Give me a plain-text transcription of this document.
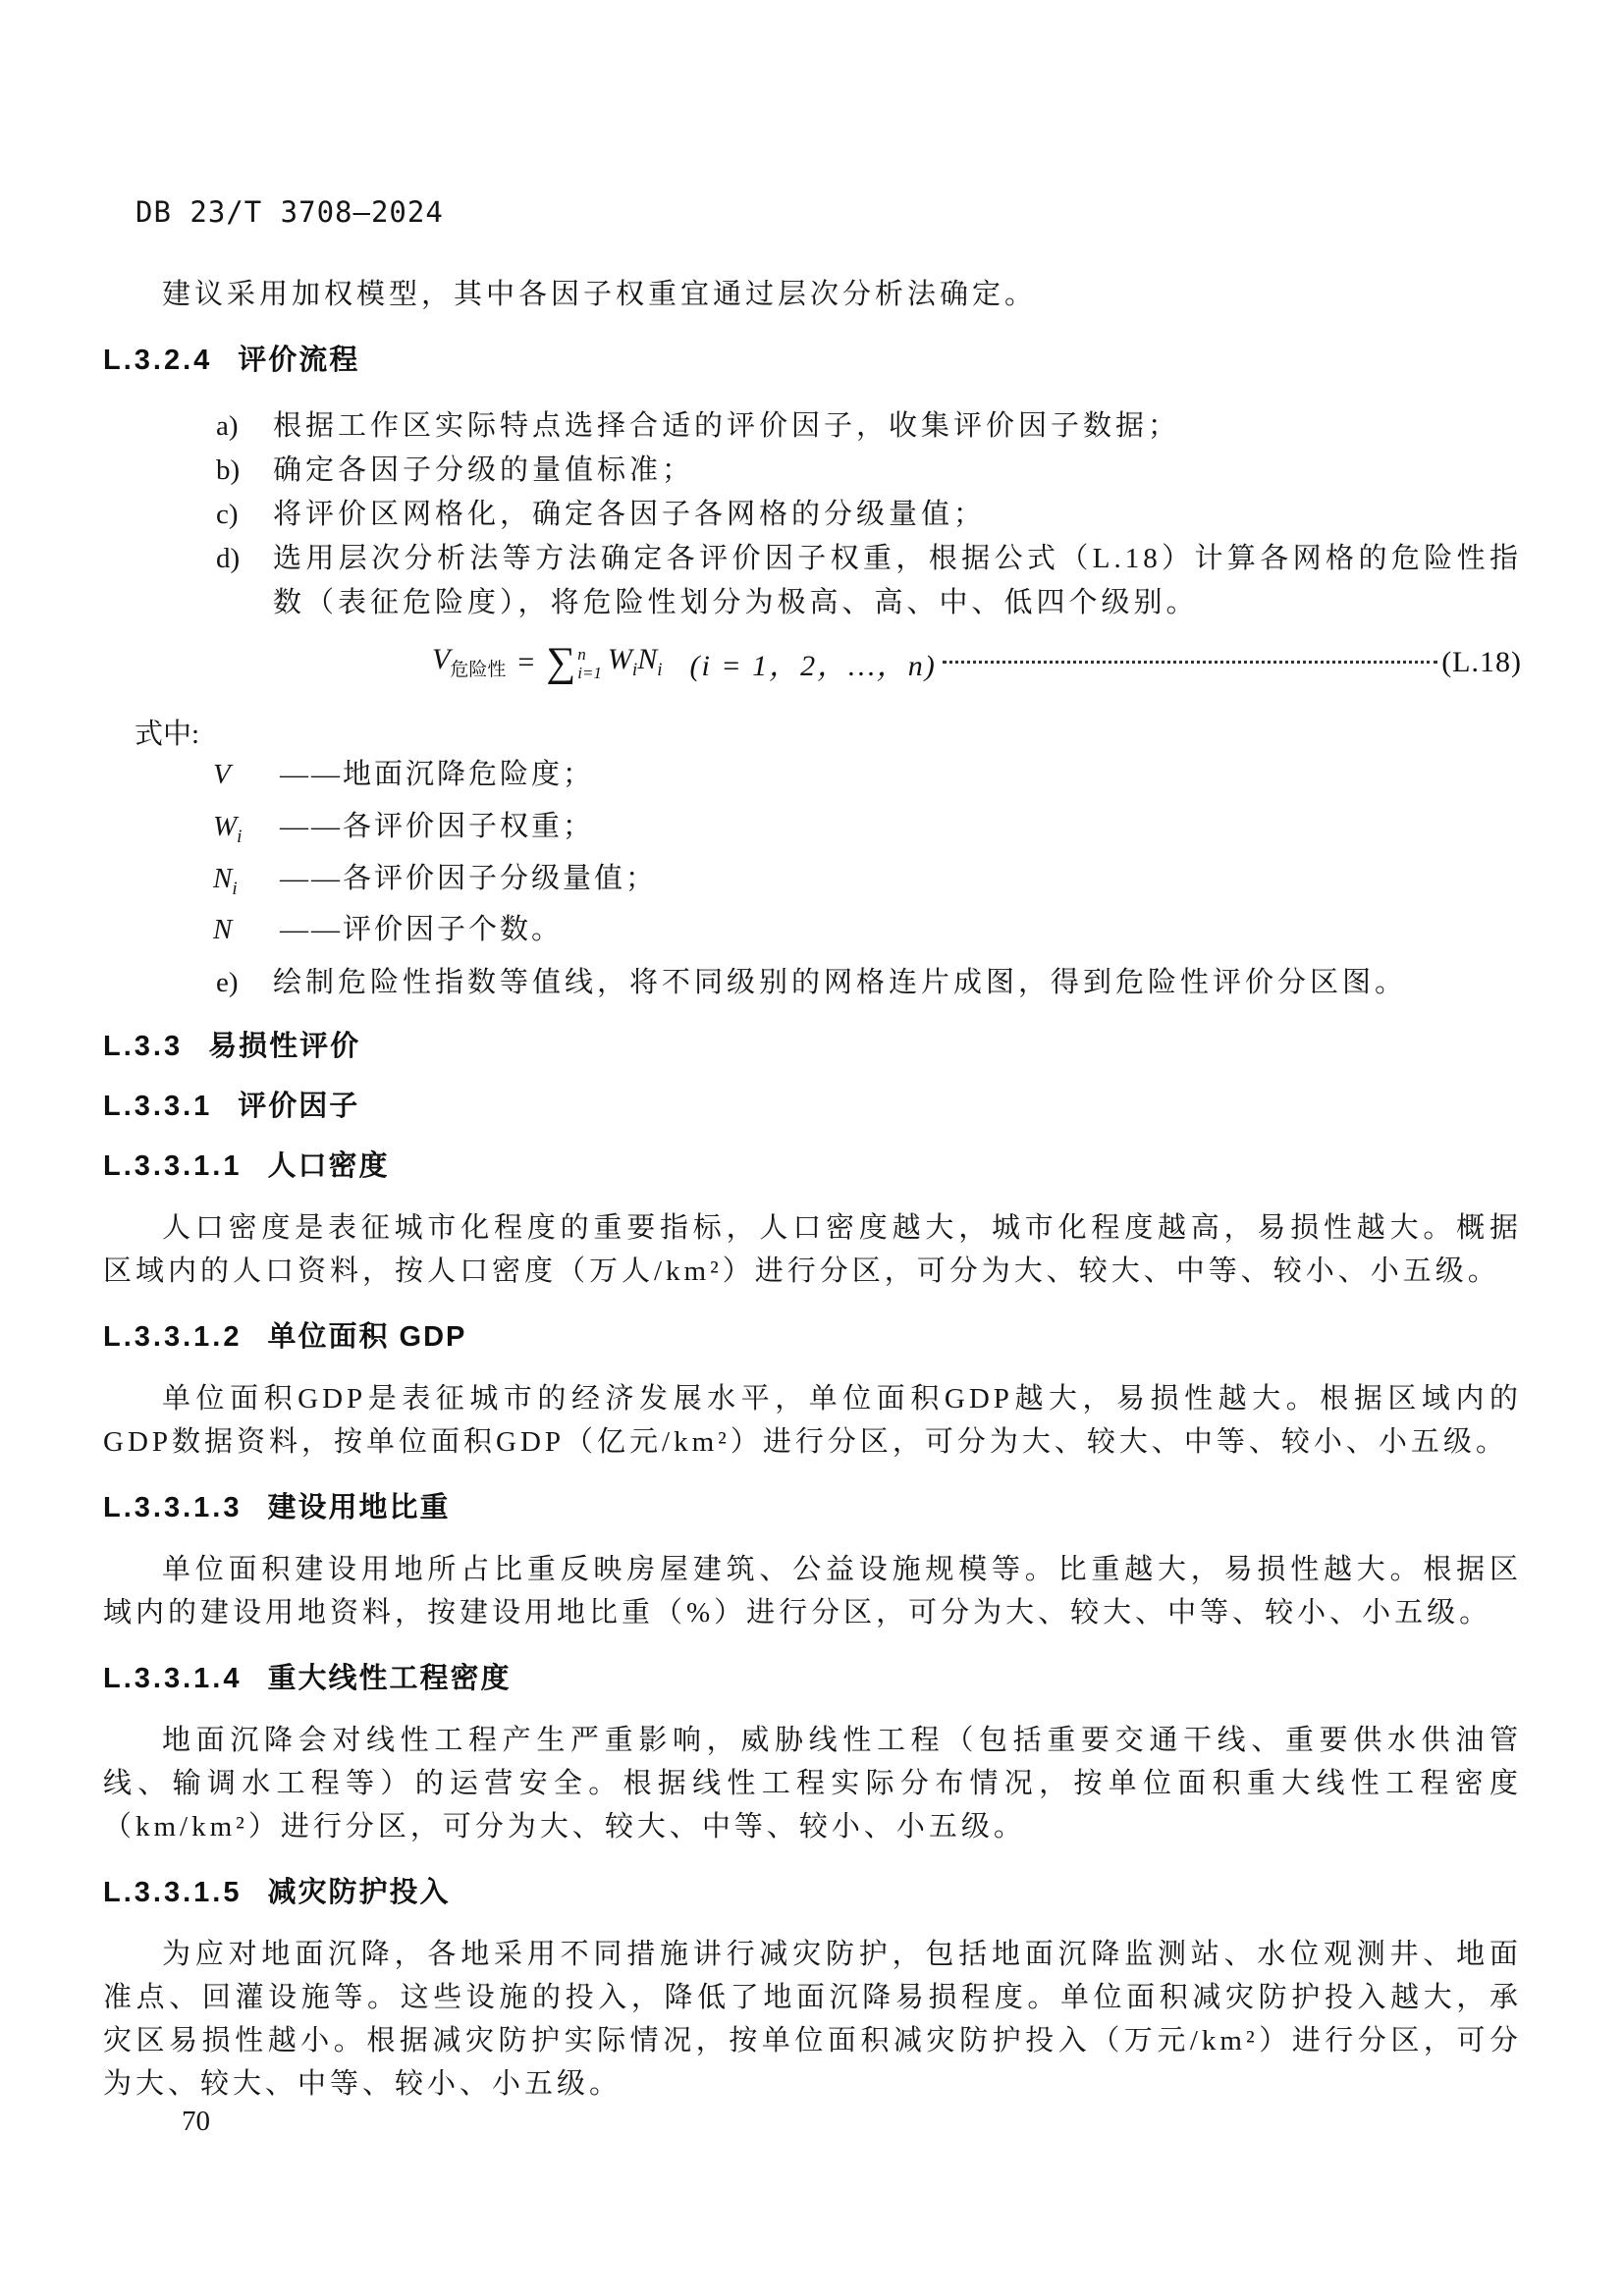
DB 23/T 3708—2024

建议采用加权模型，其中各因子权重宜通过层次分析法确定。

L.3.2.4 评价流程
a) 根据工作区实际特点选择合适的评价因子，收集评价因子数据；
b) 确定各因子分级的量值标准；
c) 将评价区网格化，确定各因子各网格的分级量值；
d) 选用层次分析法等方法确定各评价因子权重，根据公式（L.18）计算各网格的危险性指数（表征危险度），将危险性划分为极高、高、中、低四个级别。
$V_{危险性}$ = ∑ n
i=1 $W_i$ $N_i$ (i = 1，2，…，n)	(L.18)
式中:
V	——地面沉降危险度；
$W_i$	——各评价因子权重；
$N_i$	——各评价因子分级量值；
N	——评价因子个数。
e) 绘制危险性指数等值线，将不同级别的网格连片成图，得到危险性评价分区图。
L.3.3 易损性评价
L.3.3.1 评价因子
L.3.3.1.1 人口密度

人口密度是表征城市化程度的重要指标，人口密度越大，城市化程度越高，易损性越大。概据区域内的人口资料，按人口密度（万人/km²）进行分区，可分为大、较大、中等、较小、小五级。

L.3.3.1.2 单位面积 GDP

单位面积GDP是表征城市的经济发展水平，单位面积GDP越大，易损性越大。根据区域内的GDP数据资料，按单位面积GDP（亿元/km²）进行分区，可分为大、较大、中等、较小、小五级。

L.3.3.1.3 建设用地比重

单位面积建设用地所占比重反映房屋建筑、公益设施规模等。比重越大，易损性越大。根据区域内的建设用地资料，按建设用地比重（%）进行分区，可分为大、较大、中等、较小、小五级。

L.3.3.1.4 重大线性工程密度

地面沉降会对线性工程产生严重影响，威胁线性工程（包括重要交通干线、重要供水供油管线、输调水工程等）的运营安全。根据线性工程实际分布情况，按单位面积重大线性工程密度（km/km²）进行分区，可分为大、较大、中等、较小、小五级。

L.3.3.1.5 减灾防护投入

为应对地面沉降，各地采用不同措施讲行减灾防护，包括地面沉降监测站、水位观测井、地面准点、回灌设施等。这些设施的投入，降低了地面沉降易损程度。单位面积减灾防护投入越大，承灾区易损性越小。根据减灾防护实际情况，按单位面积减灾防护投入（万元/km²）进行分区，可分为大、较大、中等、较小、小五级。

70
